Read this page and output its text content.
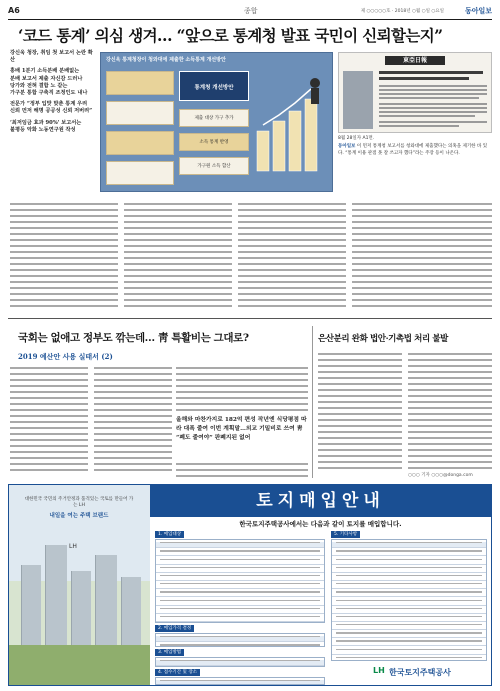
A6	종합	제 ○○○○○호 · 2018년 ○월 ○일 ○요일	동아일보
‘코드 통계’ 의심 생겨… “앞으로 통계청 발표 국민이 신뢰할는지”
강신욱 청장, 취임 첫 보고서 논란 확산
홍배 1분기 소득분배 분배없는
분배 보고서 제출 자신감 드러나
당가와 전혀 결합 노 같는
가구분 통합 구축직 조정인도 내나
전문가 “정부 입맛 맞춘 통계 우려
신뢰 먼저 해명 공공성 신뢰 저버려”
‘최저임금 효과 90%’ 보고서는
불평등 악화 노동연구원 작성
강신욱 통계청장이 청와대에 제출한 소득통계 개선방안
통계청 개선방안
제출 대상 가구 추가
소득 통계 반영
가구원 소득 합산
東亞日報
8월 28일자 A1면.
동아일보 이 먼저 통계청 보고서를 청와대에 제출했다는 의혹을 제기한 바 있다. “통계 이용 관점 못 잘 쓰고자 했다”라는 주장 등이 나온다.
국회는 없애고 정부도 깎는데… 靑 특활비는 그대로?
2019 예산안 사용 실태서 (2)
올해와 마찬가지로 182억 편성 작년엔 식당평점 따라 대폭 줄여 이번 계획말…외교 기밀비로 쓰여 靑 “폐도 줄여야” 판폐지된 없어
은산분리 완화 법안·기촉법 처리 불발
○○○ 기자 ○○○@donga.com
대한민국 국민의 주거안정과 품격있는 국토를 만들어 가는 LH
내일을 여는 주택 브랜드
LH
토지매입안내
한국토지주택공사에서는 다음과 같이 토지를 매입합니다.
1. 매입대상
2. 매입가격 결정
3. 매입방법
4. 접수기간 및 장소
5. 기타사항
LH 한국토지주택공사
